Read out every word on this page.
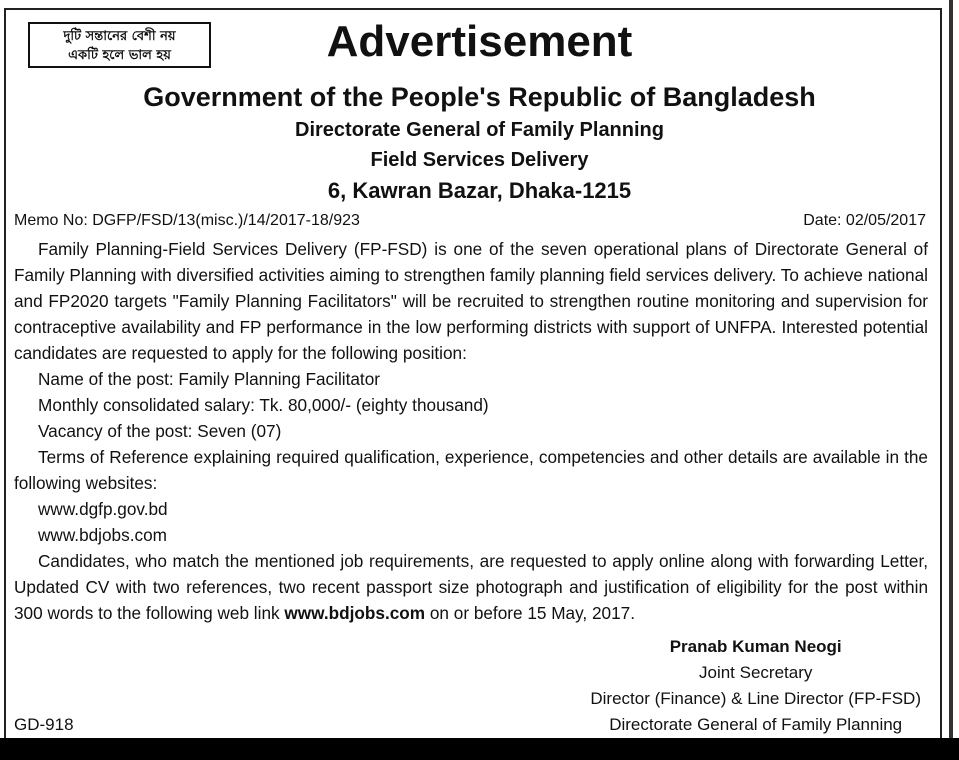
দুটি সন্তানের বেশী নয়
একটি হলে ভাল হয়	Advertisement
Government of the People's Republic of Bangladesh
Directorate General of Family Planning
Field Services Delivery
6, Kawran Bazar, Dhaka-1215
Memo No: DGFP/FSD/13(misc.)/14/2017-18/923	Date: 02/05/2017

Family Planning-Field Services Delivery (FP-FSD) is one of the seven operational plans of Directorate General of Family Planning with diversified activities aiming to strengthen family planning field services delivery. To achieve national and FP2020 targets "Family Planning Facilitators" will be recruited to strengthen routine monitoring and supervision for contraceptive availability and FP performance in the low performing districts with support of UNFPA. Interested potential candidates are requested to apply for the following position:

Name of the post: Family Planning Facilitator

Monthly consolidated salary: Tk. 80,000/- (eighty thousand)

Vacancy of the post: Seven (07)

Terms of Reference explaining required qualification, experience, competencies and other details are available in the following websites:

www.dgfp.gov.bd

www.bdjobs.com

Candidates, who match the mentioned job requirements, are requested to apply online along with forwarding Letter, Updated CV with two references, two recent passport size photograph and justification of eligibility for the post within 300 words to the following web link www.bdjobs.com on or before 15 May, 2017.

Pranab Kuman Neogi
Joint Secretary
Director (Finance) & Line Director (FP-FSD)
Directorate General of Family Planning
GD-918
